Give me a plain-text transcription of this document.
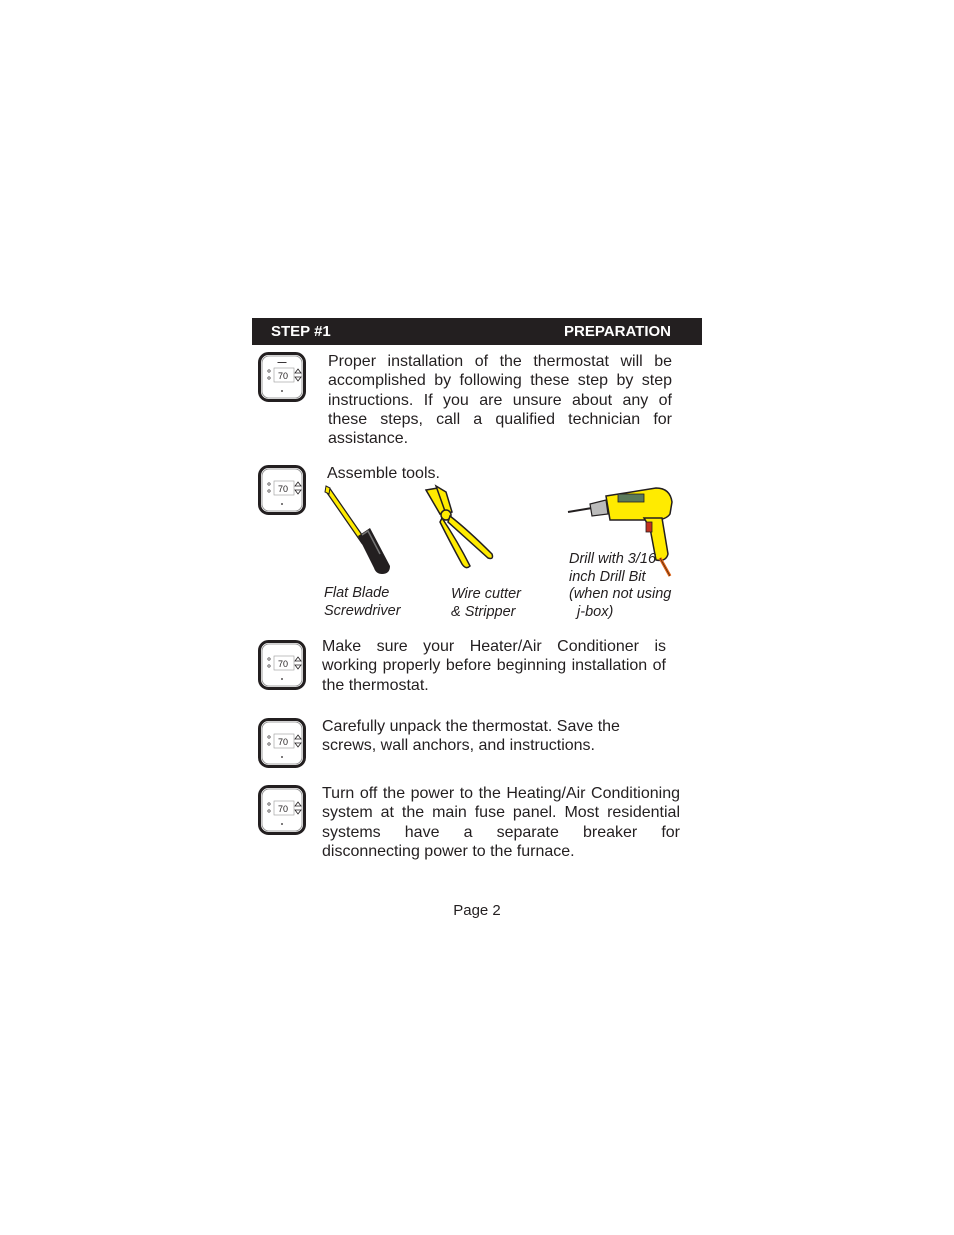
STEP #1	PREPARATION
▬▬▬
70
70
70
70
70
Proper installation of the thermostat will be accomplished by following these step by step instructions. If you are unsure about any of these steps, call a qualified technician for assistance.
Assemble tools.
Make sure your Heater/Air Conditioner is working properly before beginning installation of the thermostat.
Carefully unpack the thermostat. Save the screws, wall anchors, and instructions.
Turn off the power to the Heating/Air Conditioning system at the main fuse panel. Most residential systems have a separate breaker for disconnecting power to the furnace.
Flat Blade
Screwdriver
Wire cutter
& Stripper
Drill with 3/16
inch Drill Bit
(when not using
j-box)
Page 2
